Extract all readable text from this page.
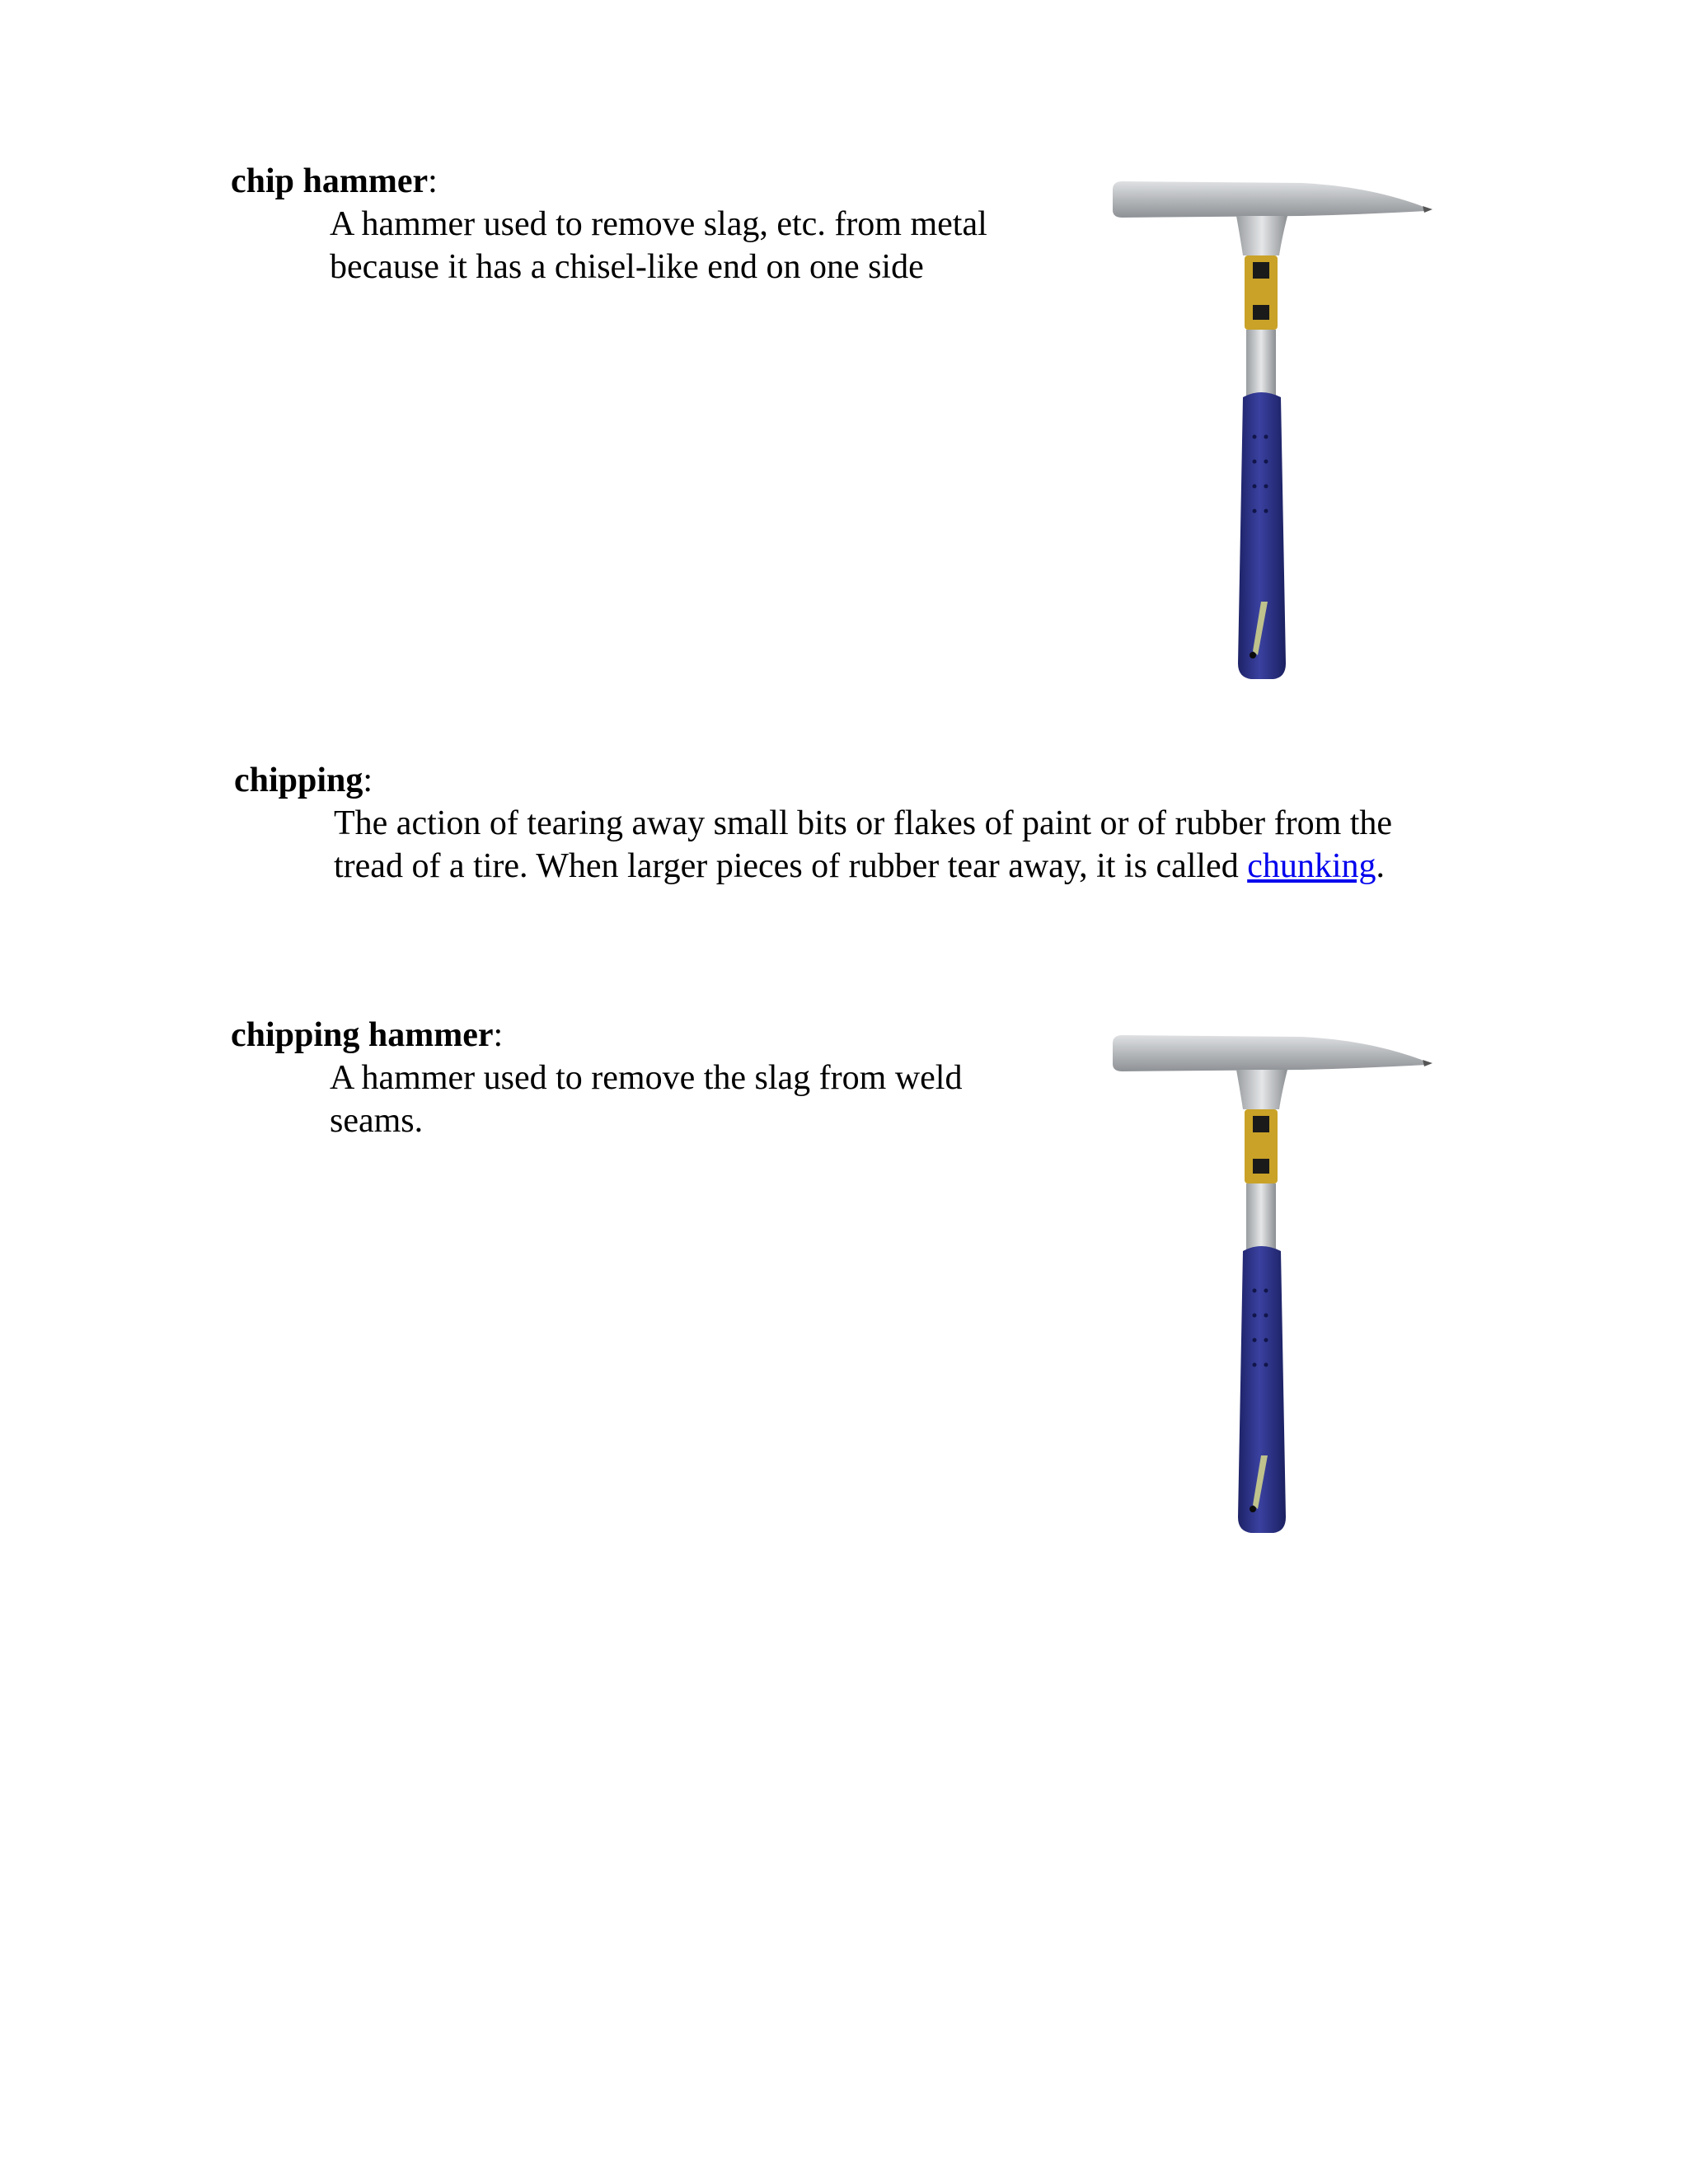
chip hammer:
A hammer used to remove slag, etc. from metal because it has a chisel-like end on one side
chipping:
The action of tearing away small bits or flakes of paint or of rubber from the tread of a tire. When larger pieces of rubber tear away, it is called chunking.
chipping hammer:
A hammer used to remove the slag from weld seams.
